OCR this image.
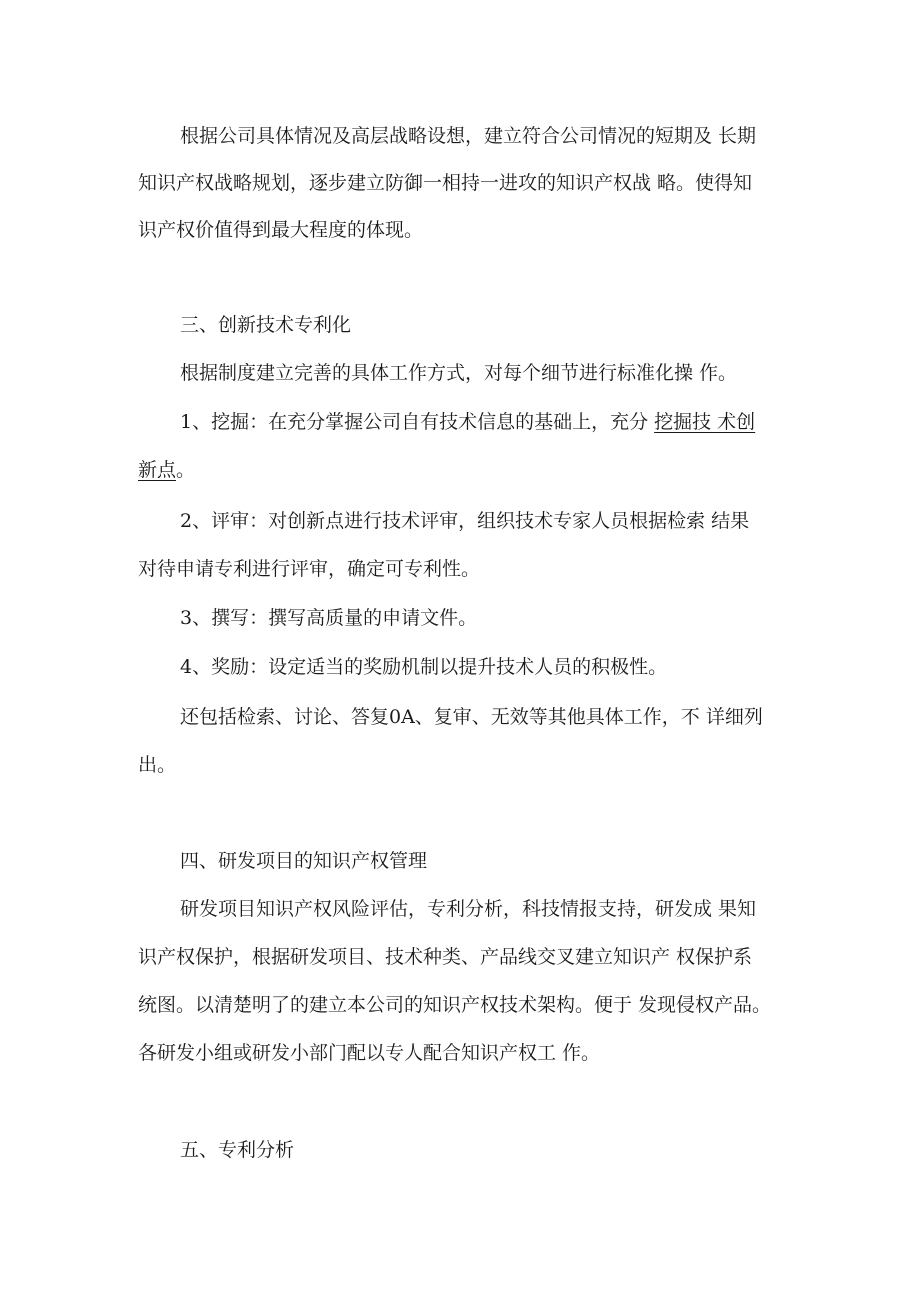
根据公司具体情况及高层战略设想，建立符合公司情况的短期及 长期

知识产权战略规划，逐步建立防御一相持一进攻的知识产权战 略。使得知

识产权价值得到最大程度的体现。

三、创新技术专利化

根据制度建立完善的具体工作方式，对每个细节进行标准化操 作。

1、挖掘：在充分掌握公司自有技术信息的基础上，充分 挖掘技 术创

新点。

2、评审：对创新点进行技术评审，组织技术专家人员根据检索 结果

对待申请专利进行评审，确定可专利性。

3、撰写：撰写高质量的申请文件。

4、奖励：设定适当的奖励机制以提升技术人员的积极性。

还包括检索、讨论、答复0A、复审、无效等其他具体工作，不 详细列

出。

四、研发项目的知识产权管理

研发项目知识产权风险评估，专利分析，科技情报支持，研发成 果知

识产权保护，根据研发项目、技术种类、产品线交叉建立知识产 权保护系

统图。以清楚明了的建立本公司的知识产权技术架构。便于 发现侵权产品。

各研发小组或研发小部门配以专人配合知识产权工 作。

五、专利分析
